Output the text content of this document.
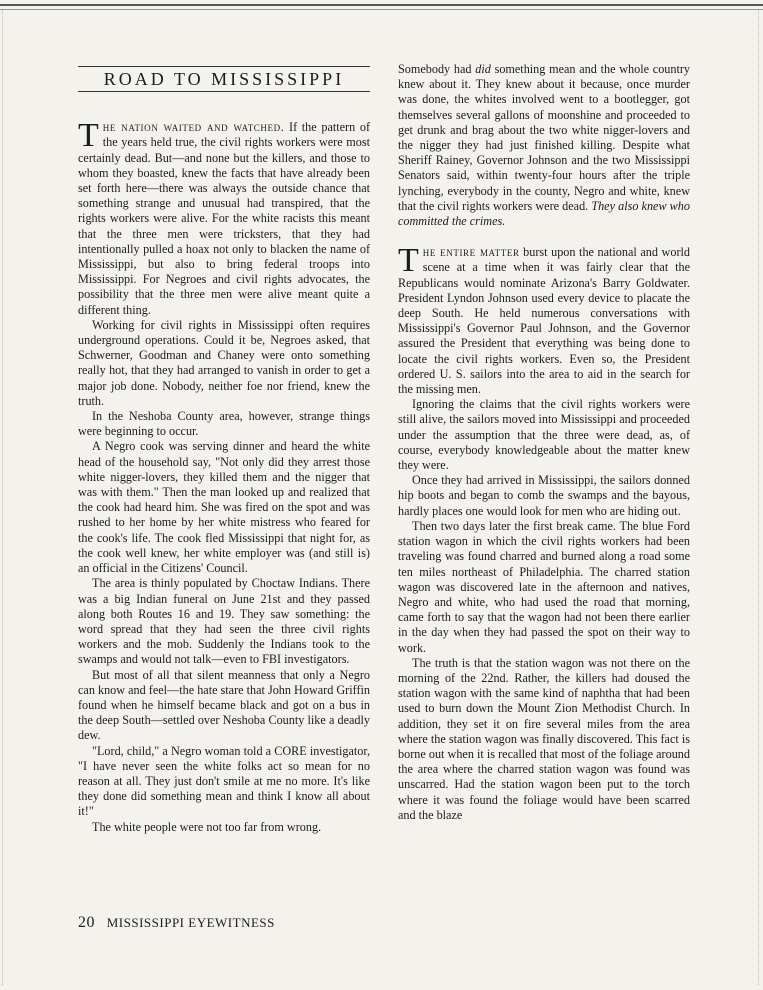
ROAD TO MISSISSIPPI

The nation waited and watched. If the pattern of the years held true, the civil rights workers were most certainly dead. But—and none but the killers, and those to whom they boasted, knew the facts that have already been set forth here—there was always the outside chance that something strange and unusual had transpired, that the rights workers were alive. For the white racists this meant that the three men were tricksters, that they had intentionally pulled a hoax not only to blacken the name of Mississippi, but also to bring federal troops into Mississippi. For Negroes and civil rights advocates, the possibility that the three men were alive meant quite a different thing.

Working for civil rights in Mississippi often requires underground operations. Could it be, Negroes asked, that Schwerner, Goodman and Chaney were onto something really hot, that they had arranged to vanish in order to get a major job done. Nobody, neither foe nor friend, knew the truth.

In the Neshoba County area, however, strange things were beginning to occur.

A Negro cook was serving dinner and heard the white head of the household say, "Not only did they arrest those white nigger-lovers, they killed them and the nigger that was with them." Then the man looked up and realized that the cook had heard him. She was fired on the spot and was rushed to her home by her white mistress who feared for the cook's life. The cook fled Mississippi that night for, as the cook well knew, her white employer was (and still is) an official in the Citizens' Council.

The area is thinly populated by Choctaw Indians. There was a big Indian funeral on June 21st and they passed along both Routes 16 and 19. They saw something: the word spread that they had seen the three civil rights workers and the mob. Suddenly the Indians took to the swamps and would not talk—even to FBI investigators.

But most of all that silent meanness that only a Negro can know and feel—the hate stare that John Howard Griffin found when he himself became black and got on a bus in the deep South—settled over Neshoba County like a deadly dew.

"Lord, child," a Negro woman told a CORE investigator, "I have never seen the white folks act so mean for no reason at all. They just don't smile at me no more. It's like they done did something mean and think I know all about it!"

The white people were not too far from wrong.

Somebody had did something mean and the whole country knew about it. They knew about it because, once murder was done, the whites involved went to a bootlegger, got themselves several gallons of moonshine and proceeded to get drunk and brag about the two white nigger-lovers and the nigger they had just finished killing. Despite what Sheriff Rainey, Governor Johnson and the two Mississippi Senators said, within twenty-four hours after the triple lynching, everybody in the county, Negro and white, knew that the civil rights workers were dead. They also knew who committed the crimes.

The entire matter burst upon the national and world scene at a time when it was fairly clear that the Republicans would nominate Arizona's Barry Goldwater. President Lyndon Johnson used every device to placate the deep South. He held numerous conversations with Mississippi's Governor Paul Johnson, and the Governor assured the President that everything was being done to locate the civil rights workers. Even so, the President ordered U. S. sailors into the area to aid in the search for the missing men.

Ignoring the claims that the civil rights workers were still alive, the sailors moved into Mississippi and proceeded under the assumption that the three were dead, as, of course, everybody knowledgeable about the matter knew they were.

Once they had arrived in Mississippi, the sailors donned hip boots and began to comb the swamps and the bayous, hardly places one would look for men who are hiding out.

Then two days later the first break came. The blue Ford station wagon in which the civil rights workers had been traveling was found charred and burned along a road some ten miles northeast of Philadelphia. The charred station wagon was discovered late in the afternoon and natives, Negro and white, who had used the road that morning, came forth to say that the wagon had not been there earlier in the day when they had passed the spot on their way to work.

The truth is that the station wagon was not there on the morning of the 22nd. Rather, the killers had doused the station wagon with the same kind of naphtha that had been used to burn down the Mount Zion Methodist Church. In addition, they set it on fire several miles from the area where the station wagon was finally discovered. This fact is borne out when it is recalled that most of the foliage around the area where the charred station wagon was found was unscarred. Had the station wagon been put to the torch where it was found the foliage would have been scarred and the blaze

20 MISSISSIPPI EYEWITNESS
